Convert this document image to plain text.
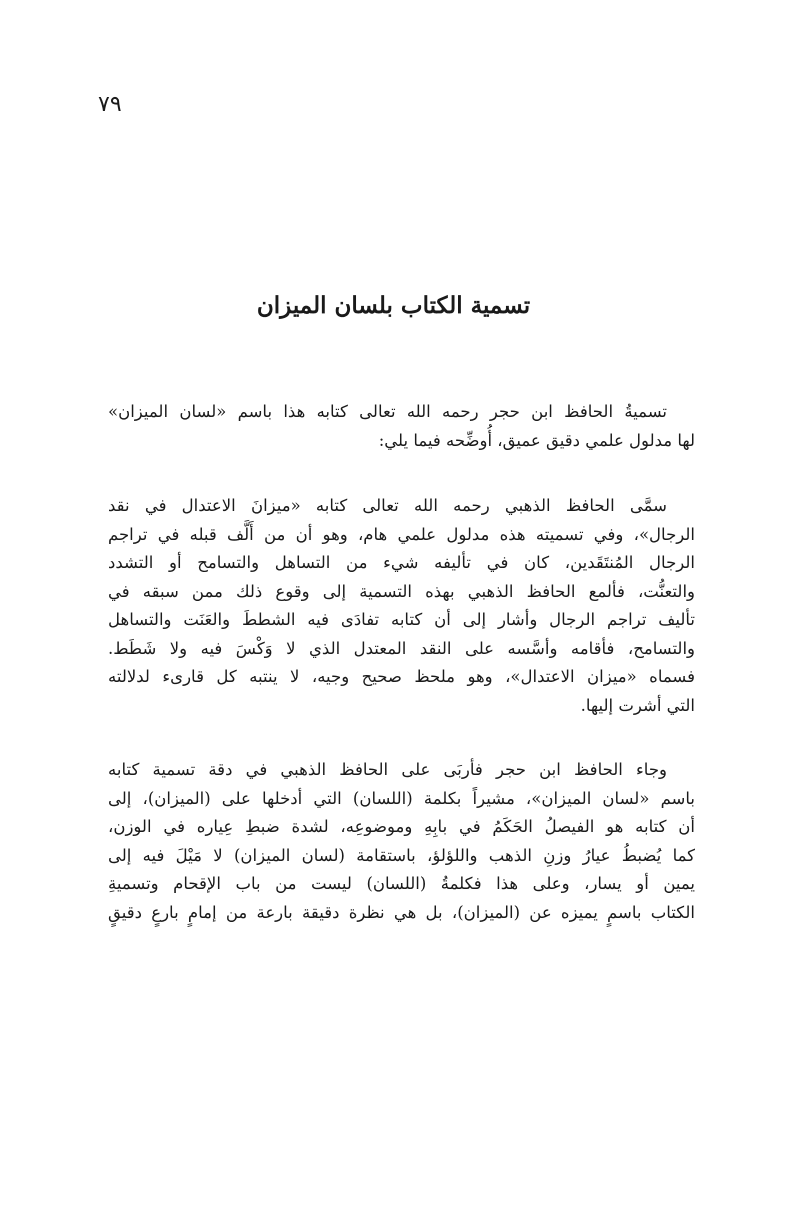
٧٩
تسمية الكتاب بلسان الميزان
تسميةُ الحافظ ابن حجر رحمه الله تعالى كتابه هذا باسم «لسان الميزان»
لها مدلول علمي دقيق عميق، أُوضِّحه فيما يلي:
سمَّى الحافظ الذهبي رحمه الله تعالى كتابه «ميزانَ الاعتدال في نقد
الرجال»، وفي تسميته هذه مدلول علمي هام، وهو أن من أَلَّف قبله في تراجم
الرجال المُنتَقَدين، كان في تأليفه شيء من التساهل والتسامح أو التشدد
والتعنُّت، فألمع الحافظ الذهبي بهذه التسمية إلى وقوع ذلك ممن سبقه في
تأليف تراجم الرجال وأشار إلى أن كتابه تفادَى فيه الشططَ والعَنَت والتساهل
والتسامح، فأقامه وأسَّسه على النقد المعتدل الذي لا وَكْسَ فيه ولا شَطَط.
فسماه «ميزان الاعتدال»، وهو ملحظ صحيح وجيه، لا ينتبه كل قارىء لدلالته
التي أشرت إليها.
وجاء الحافظ ابن حجر فأربَى على الحافظ الذهبي في دقة تسمية كتابه
باسم «لسان الميزان»، مشيراً بكلمة (اللسان) التي أدخلها على (الميزان)، إلى
أن كتابه هو الفيصلُ الحَكَمُ في بابِهِ وموضوعِه، لشدة ضبطِ عِياره في الوزن،
كما يُضبطُ عيارُ وزنِ الذهب واللؤلؤ، باستقامة (لسان الميزان) لا مَيْلَ فيه إلى
يمين أو يسار، وعلى هذا فكلمةُ (اللسان) ليست من باب الإقحام وتسميةِ
الكتاب باسمٍ يميزه عن (الميزان)، بل هي نظرة دقيقة بارعة من إمامٍ بارعٍ دقيقٍ
